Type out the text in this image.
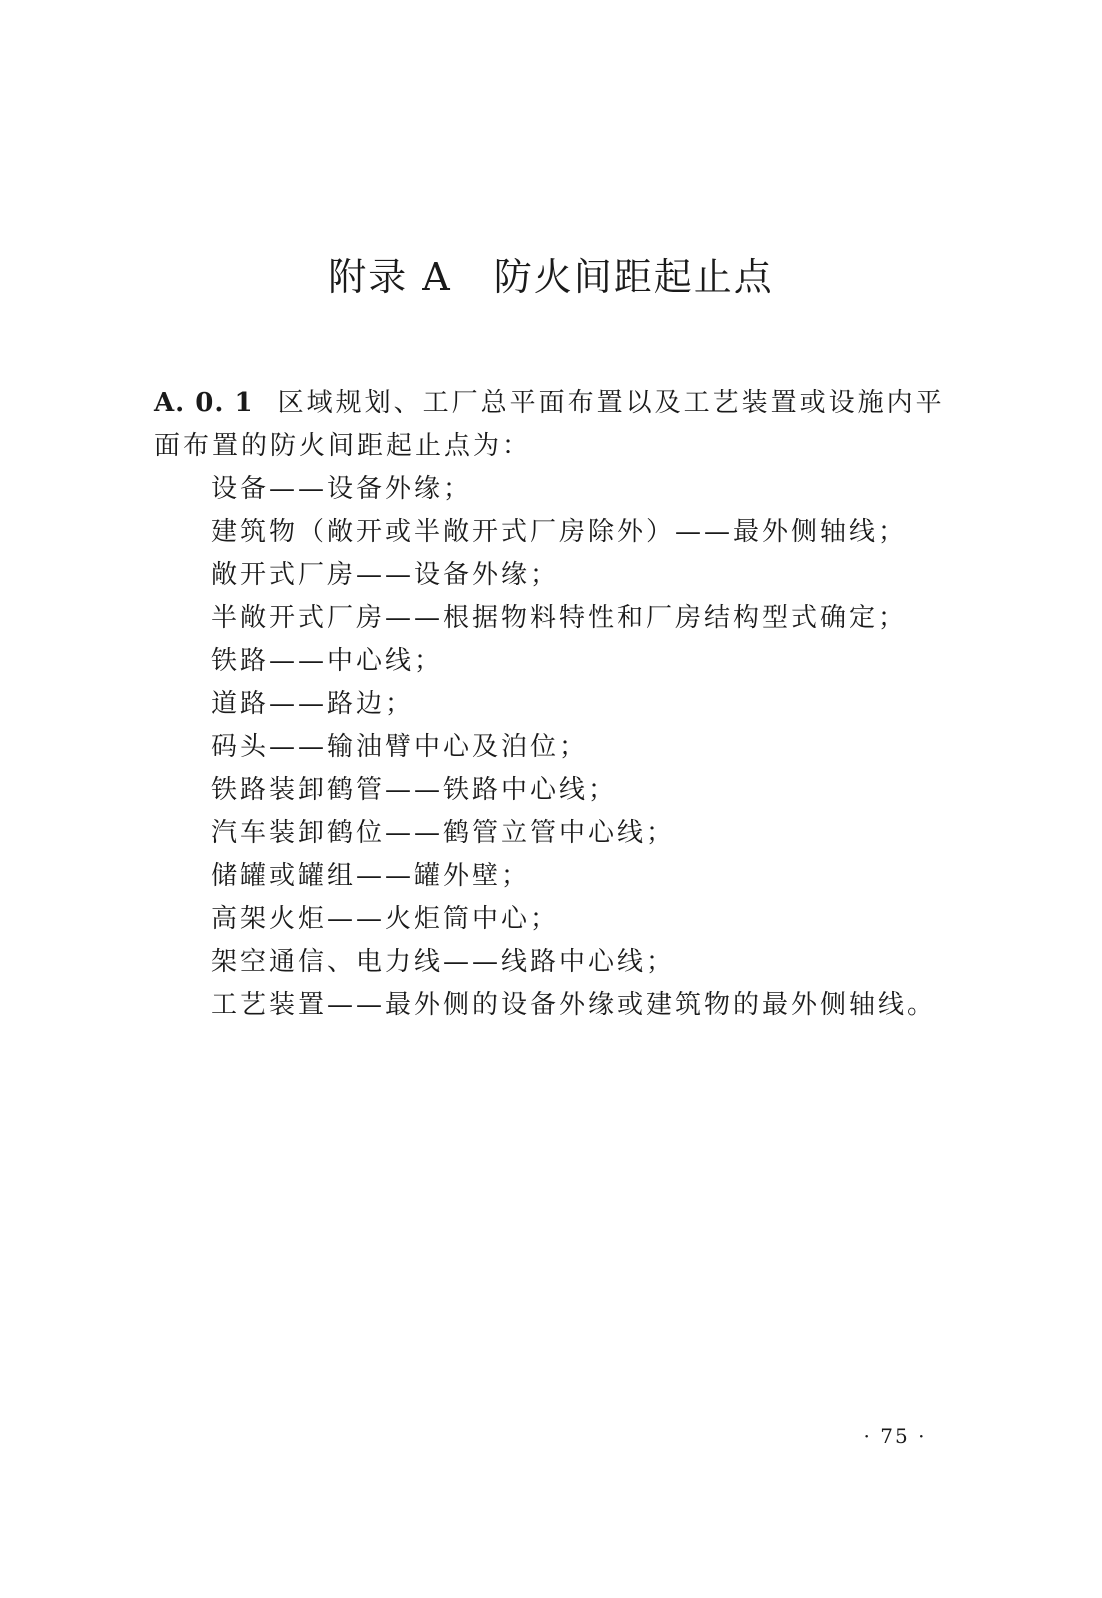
附录 A 防火间距起止点
A. 0. 1 区域规划、工厂总平面布置以及工艺装置或设施内平面布置的防火间距起止点为：
设备——设备外缘；
建筑物（敞开或半敞开式厂房除外）——最外侧轴线；
敞开式厂房——设备外缘；
半敞开式厂房——根据物料特性和厂房结构型式确定；
铁路——中心线；
道路——路边；
码头——输油臂中心及泊位；
铁路装卸鹤管——铁路中心线；
汽车装卸鹤位——鹤管立管中心线；
储罐或罐组——罐外壁；
高架火炬——火炬筒中心；
架空通信、电力线——线路中心线；
工艺装置——最外侧的设备外缘或建筑物的最外侧轴线。
· 75 ·
